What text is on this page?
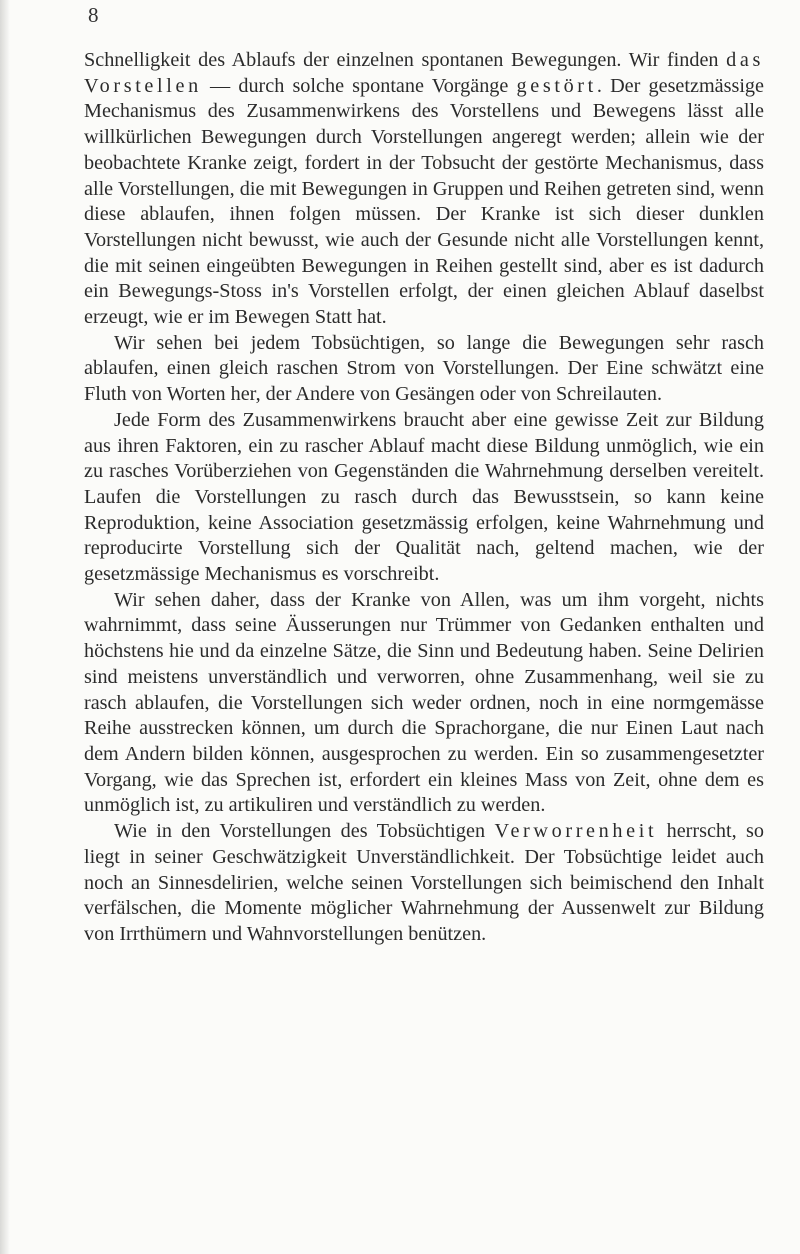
8

Schnelligkeit des Ablaufs der einzelnen spontanen Bewegungen. Wir finden das Vorstellen — durch solche spontane Vorgänge gestört. Der gesetzmässige Mechanismus des Zusammenwirkens des Vorstellens und Bewegens lässt alle willkürlichen Bewegungen durch Vorstellungen angeregt werden; allein wie der beobachtete Kranke zeigt, fordert in der Tobsucht der gestörte Mechanismus, dass alle Vorstellungen, die mit Bewegungen in Gruppen und Reihen getreten sind, wenn diese ablaufen, ihnen folgen müssen. Der Kranke ist sich dieser dunklen Vorstellungen nicht bewusst, wie auch der Gesunde nicht alle Vorstellungen kennt, die mit seinen eingeübten Bewegungen in Reihen gestellt sind, aber es ist dadurch ein Bewegungs-Stoss in's Vorstellen erfolgt, der einen gleichen Ablauf daselbst erzeugt, wie er im Bewegen Statt hat.

Wir sehen bei jedem Tobsüchtigen, so lange die Bewegungen sehr rasch ablaufen, einen gleich raschen Strom von Vorstellungen. Der Eine schwätzt eine Fluth von Worten her, der Andere von Gesängen oder von Schreilauten.

Jede Form des Zusammenwirkens braucht aber eine gewisse Zeit zur Bildung aus ihren Faktoren, ein zu rascher Ablauf macht diese Bildung unmöglich, wie ein zu rasches Vorüberziehen von Gegenständen die Wahrnehmung derselben vereitelt. Laufen die Vorstellungen zu rasch durch das Bewusstsein, so kann keine Reproduktion, keine Association gesetzmässig erfolgen, keine Wahrnehmung und reproducirte Vorstellung sich der Qualität nach, geltend machen, wie der gesetzmässige Mechanismus es vorschreibt.

Wir sehen daher, dass der Kranke von Allen, was um ihm vorgeht, nichts wahrnimmt, dass seine Äusserungen nur Trümmer von Gedanken enthalten und höchstens hie und da einzelne Sätze, die Sinn und Bedeutung haben. Seine Delirien sind meistens unverständlich und verworren, ohne Zusammenhang, weil sie zu rasch ablaufen, die Vorstellungen sich weder ordnen, noch in eine normgemässe Reihe ausstrecken können, um durch die Sprachorgane, die nur Einen Laut nach dem Andern bilden können, ausgesprochen zu werden. Ein so zusammengesetzter Vorgang, wie das Sprechen ist, erfordert ein kleines Mass von Zeit, ohne dem es unmöglich ist, zu artikuliren und verständlich zu werden.

Wie in den Vorstellungen des Tobsüchtigen Verworrenheit herrscht, so liegt in seiner Geschwätzigkeit Unverständlichkeit. Der Tobsüchtige leidet auch noch an Sinnesdelirien, welche seinen Vorstellungen sich beimischend den Inhalt verfälschen, die Momente möglicher Wahrnehmung der Aussenwelt zur Bildung von Irrthümern und Wahnvorstellungen benützen.
